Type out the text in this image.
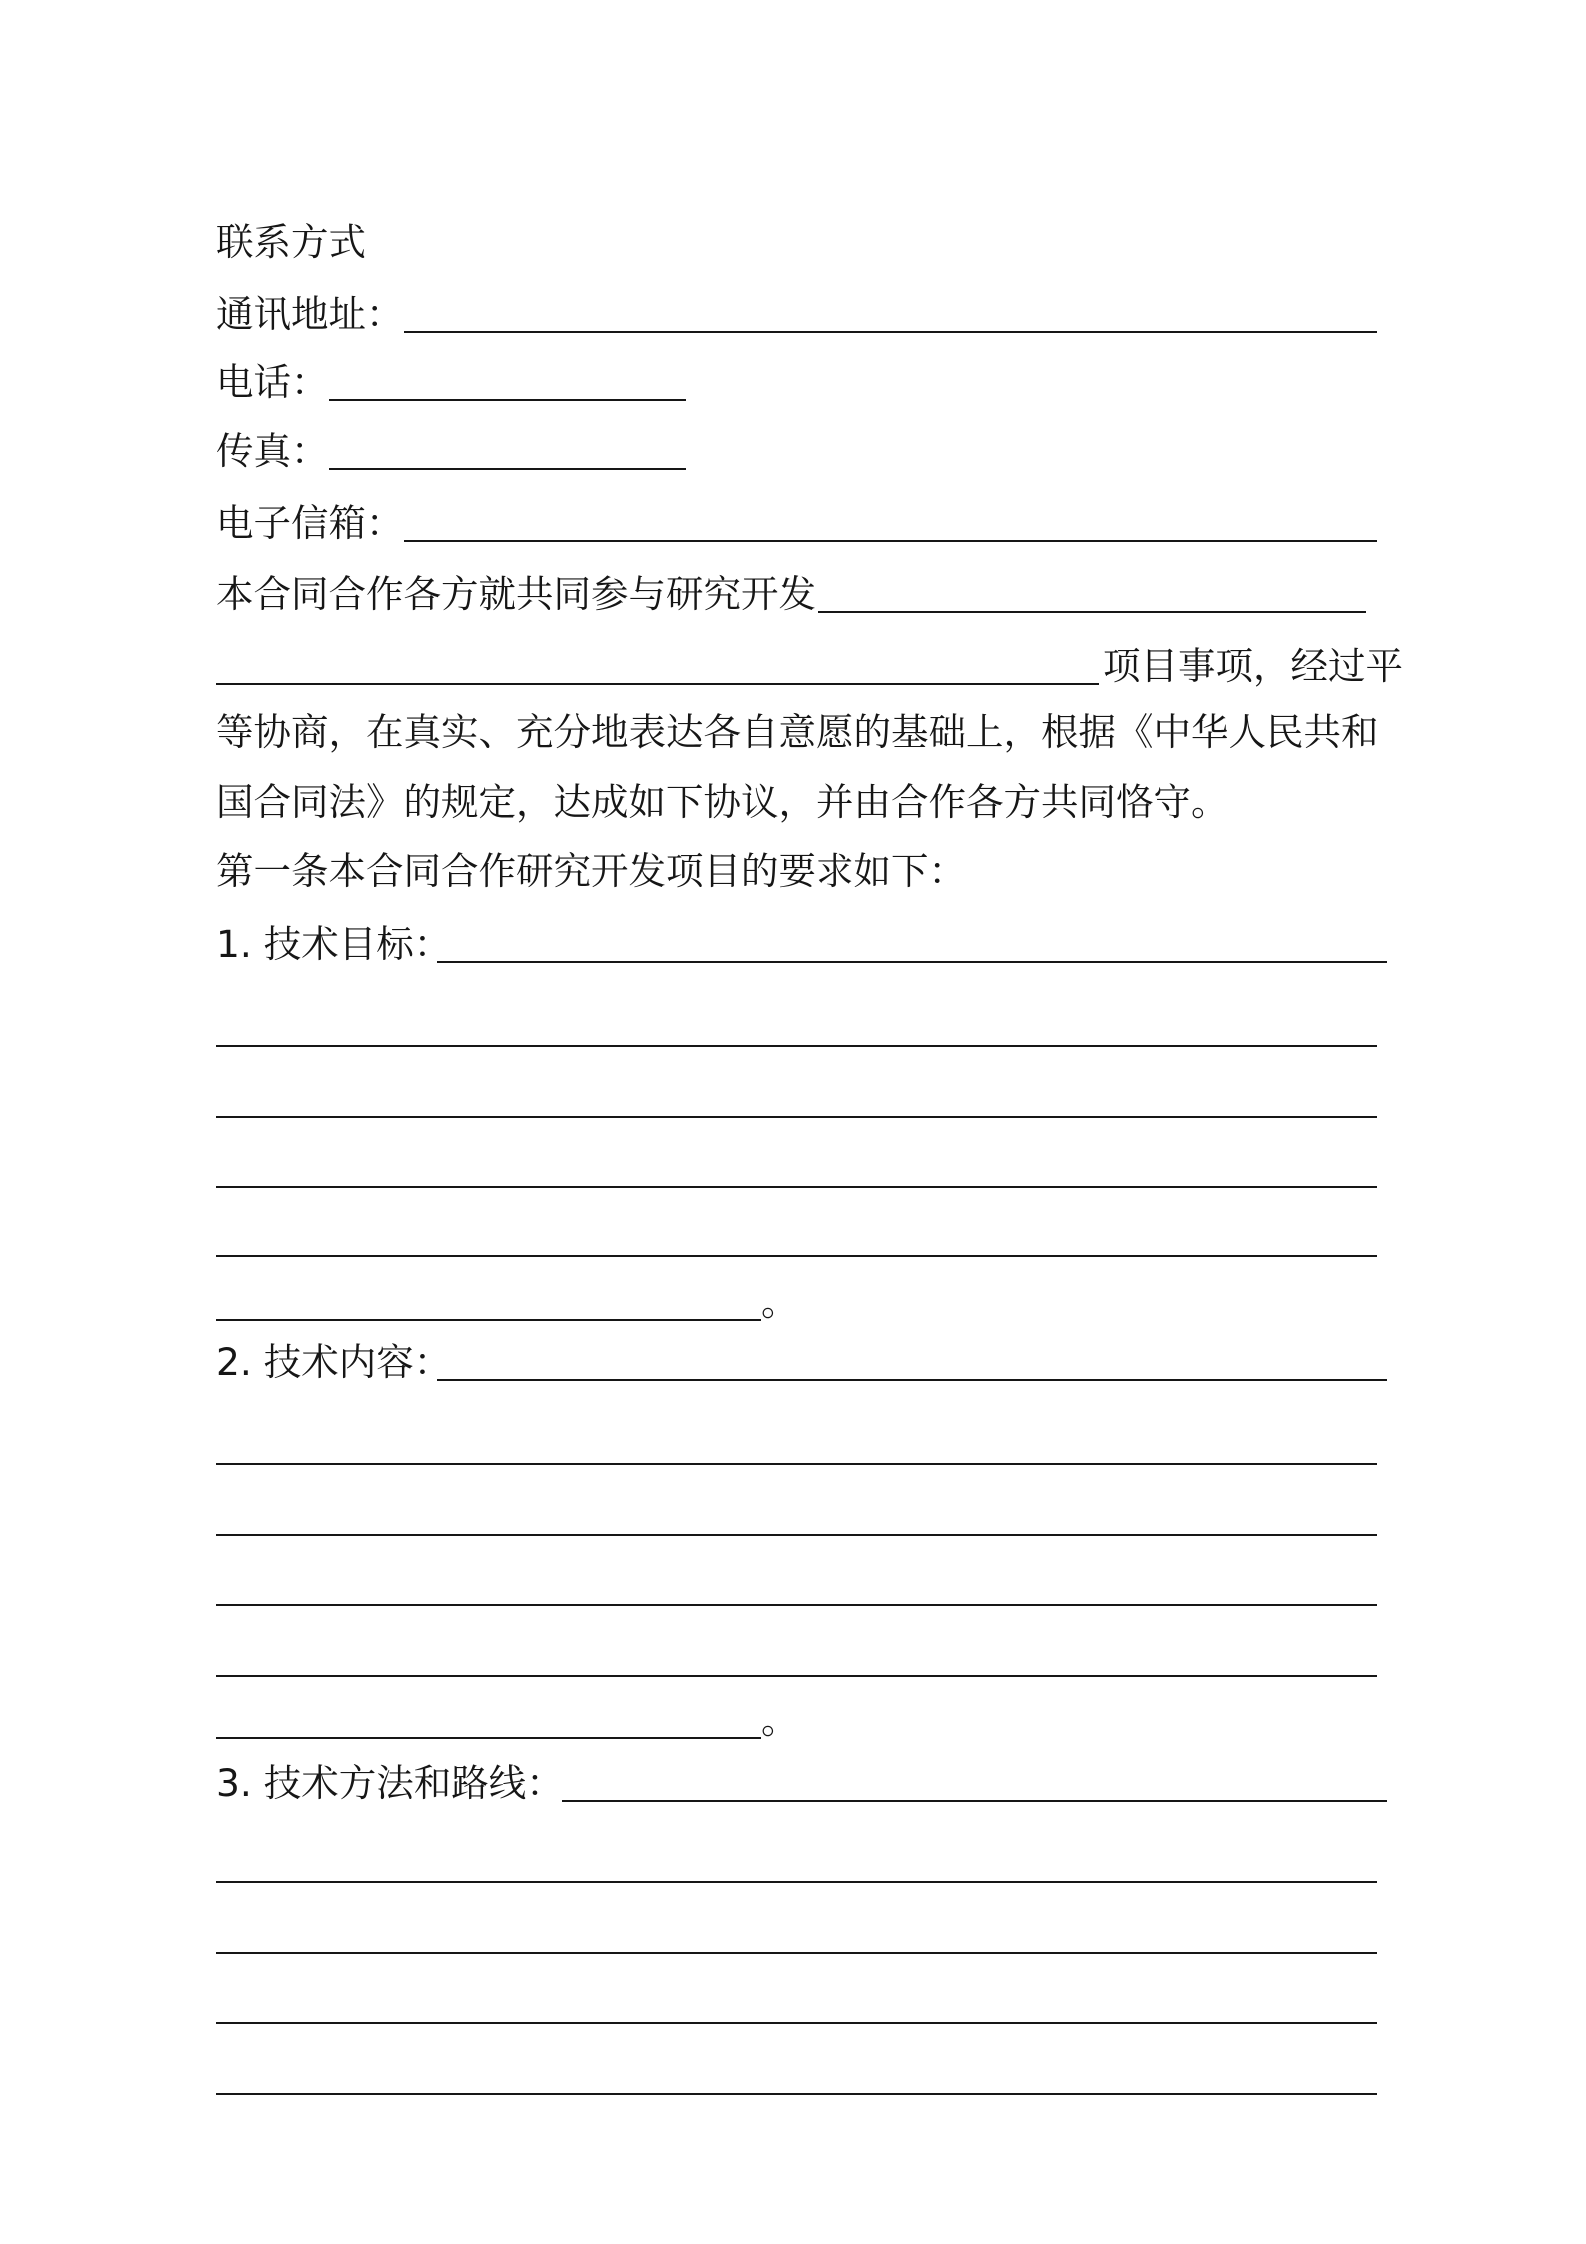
联系方式
通讯地址：
电话：
传真：
电子信箱：
本合同合作各方就共同参与研究开发
项目事项，经过平
等协商，在真实、充分地表达各自意愿的基础上，根据《中华人民共和
国合同法》的规定，达成如下协议，并由合作各方共同恪守。
第一条本合同合作研究开发项目的要求如下：
1. 技术目标：
。
2. 技术内容：
。
3. 技术方法和路线：
